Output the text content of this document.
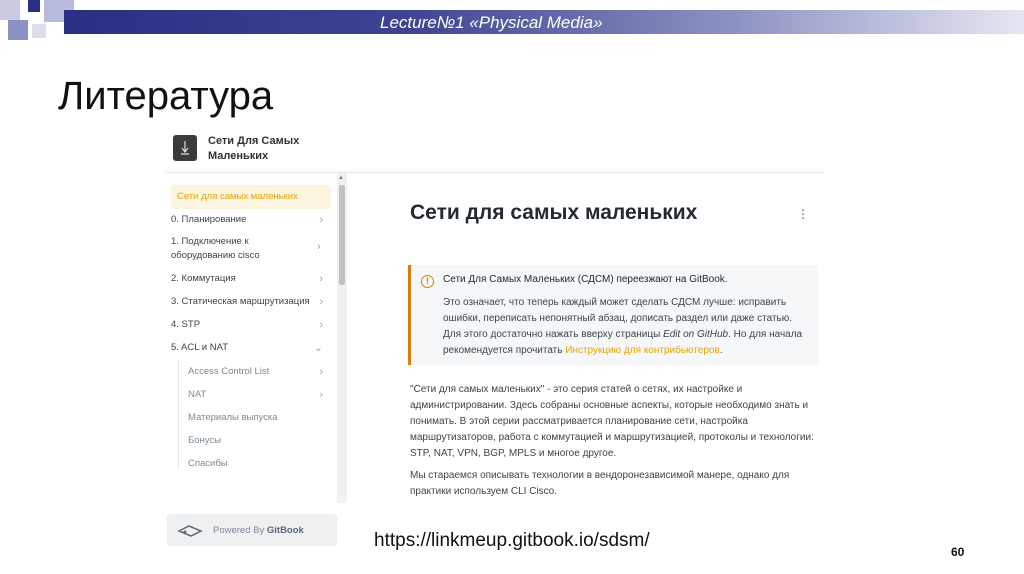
Lecture№1 «Physical Media»
Литература
Сети Для Самых Маленьких
Сети для самых маленьких
0. Планирование	›
1. Подключение к оборудованию cisco
›
2. Коммутация	›
3. Статическая маршрутизация ›
4. STP	›
5. ACL и NAT	⌄
Access Control List	›
NAT	›
Материалы выпуска
Бонусы
Спасибы
Powered By GitBook
▲
Сети для самых маленьких	⋮
!	Сети Для Самых Маленьких (СДСМ) переезжают на GitBook.
Это означает, что теперь каждый может сделать СДСМ лучше: исправить ошибки, переписать непонятный абзац, дописать раздел или даже статью. Для этого достаточно нажать вверху страницы Edit on GitHub. Но для начала рекомендуется прочитать Инструкцию для контрибьютеров.
"Сети для самых маленьких" - это серия статей о сетях, их настройке и администрировании. Здесь собраны основные аспекты, которые необходимо знать и понимать. В этой серии рассматривается планирование сети, настройка маршрутизаторов, работа с коммутацией и маршрутизацией, протоколы и технологии: STP, NAT, VPN, BGP, MPLS и многое другое.
Мы стараемся описывать технологии в вендоронезависимой манере, однако для практики используем CLI Cisco.
https://linkmeup.gitbook.io/sdsm/
60
